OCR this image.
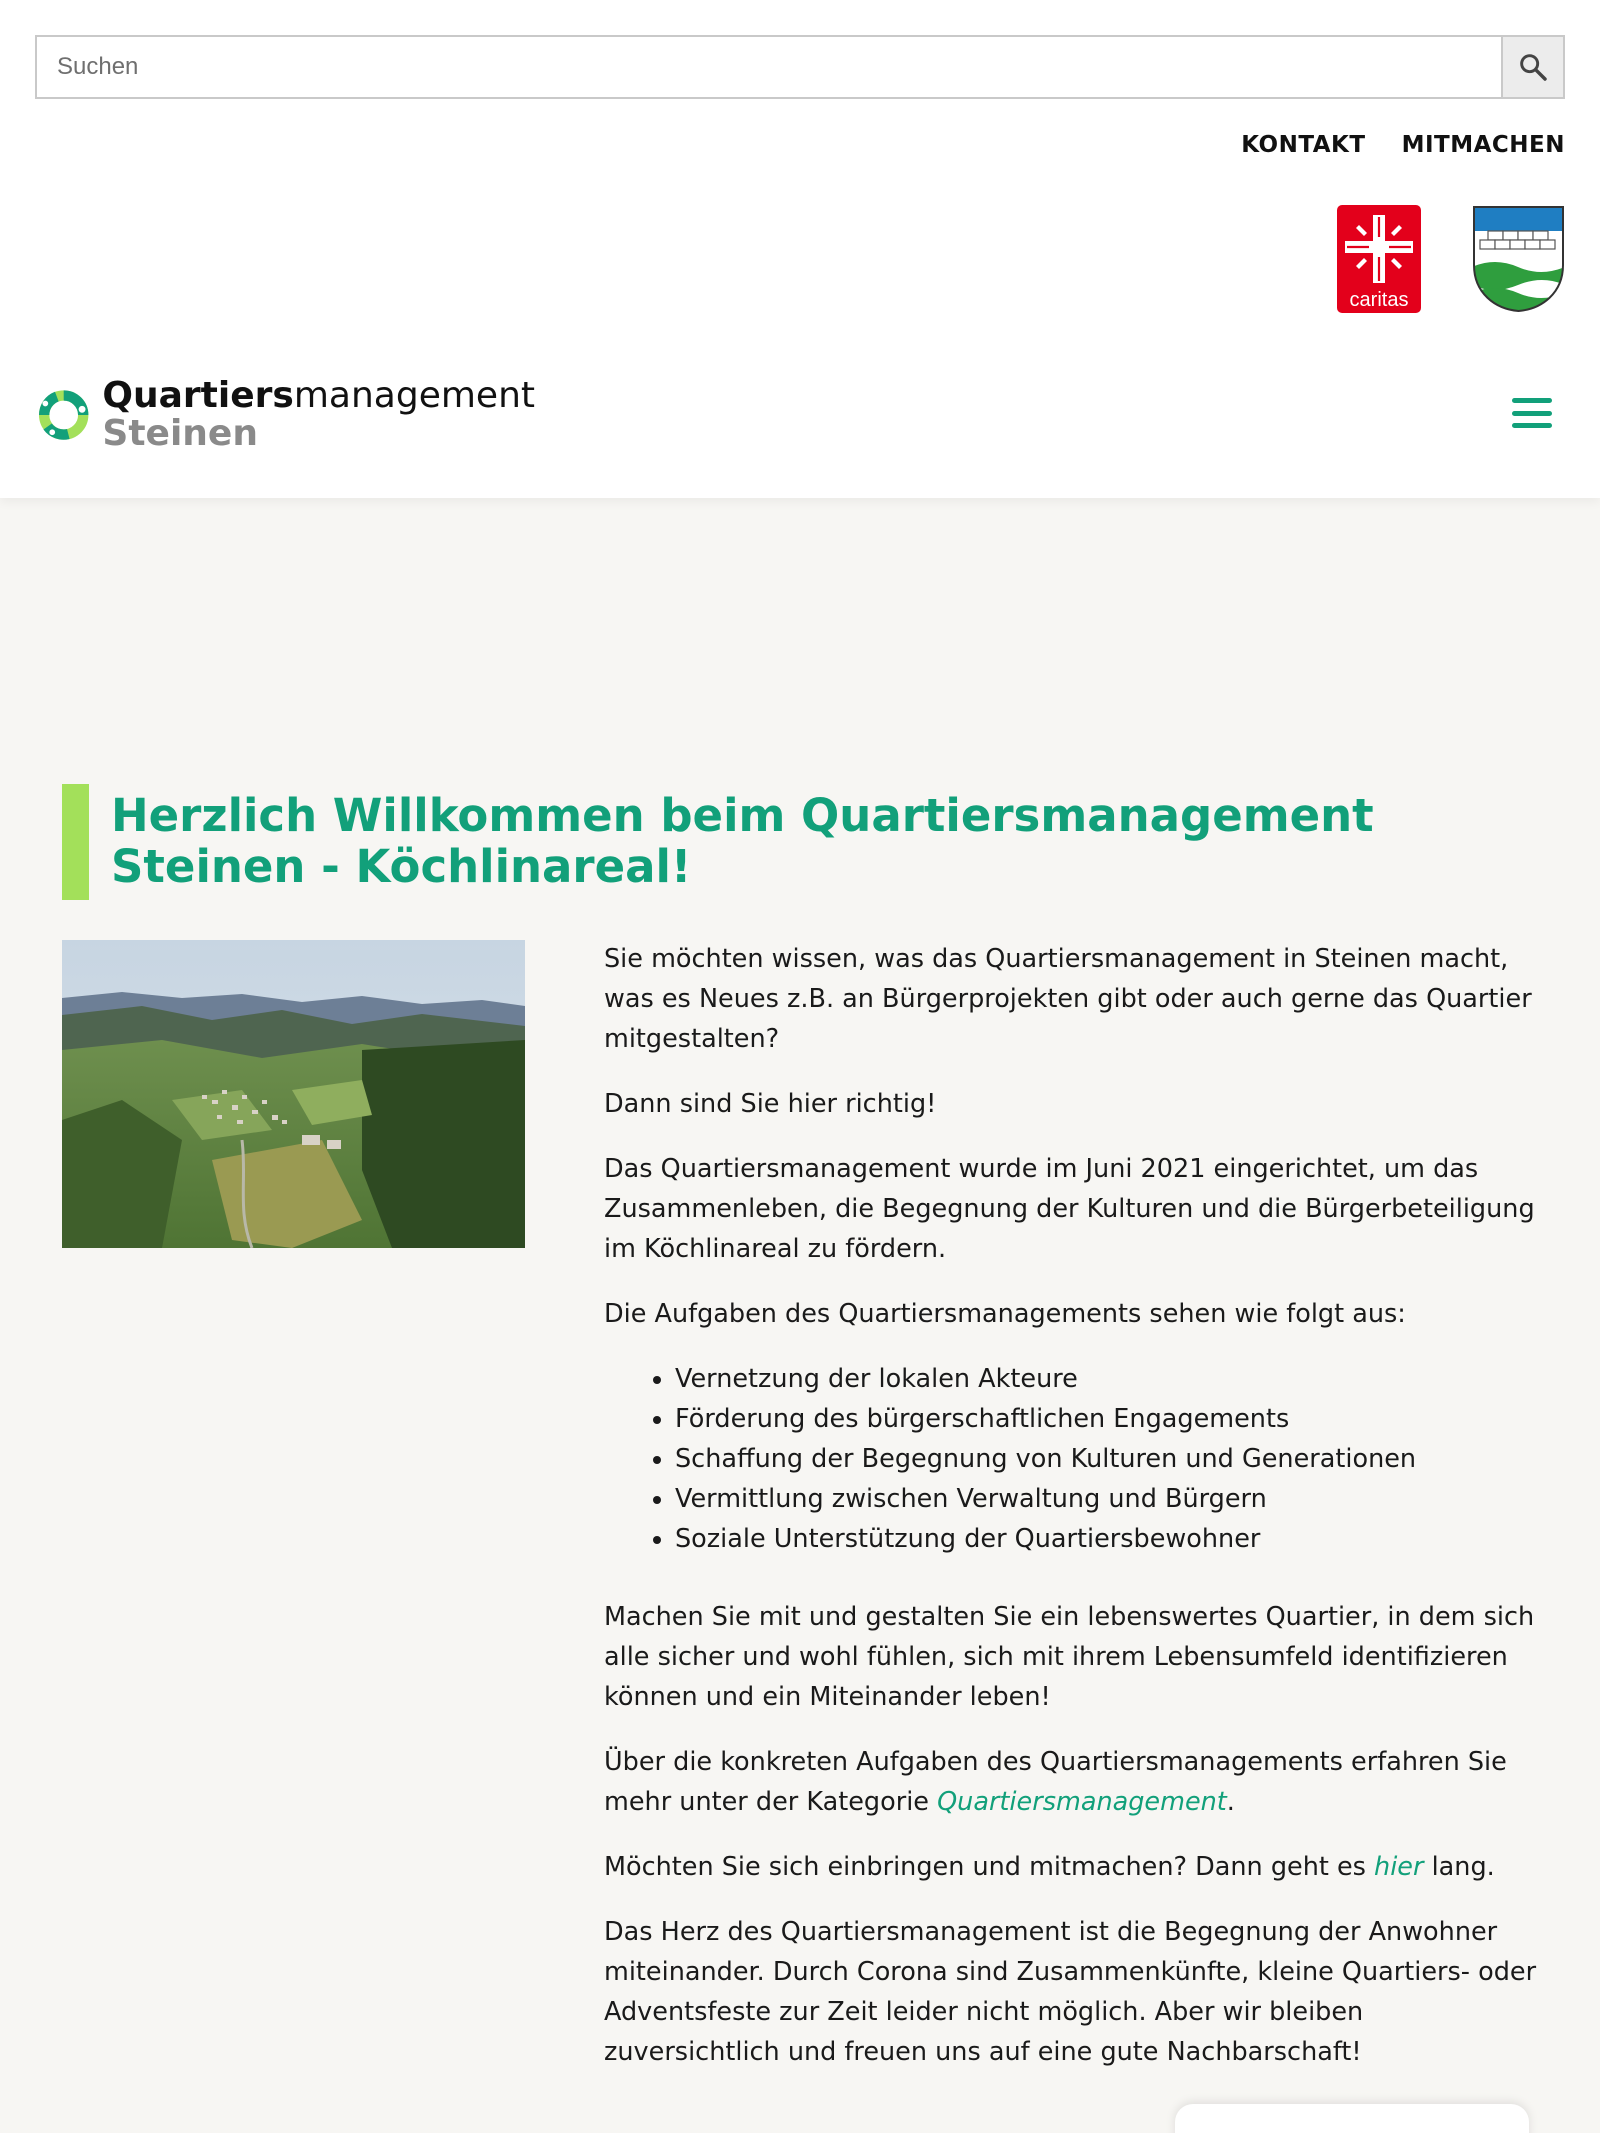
Suchen
KONTAKT MITMACHEN
caritas
Quartiersmanagement
Steinen
Herzlich Willkommen beim Quartiersmanagement Steinen - Köchlinareal!

Sie möchten wissen, was das Quartiersmanagement in Steinen macht, was es Neues z.B. an Bürgerprojekten gibt oder auch gerne das Quartier mitgestalten?

Dann sind Sie hier richtig!

Das Quartiersmanagement wurde im Juni 2021 eingerichtet, um das Zusammenleben, die Begegnung der Kulturen und die Bürgerbeteiligung im Köchlinareal zu fördern.

Die Aufgaben des Quartiersmanagements sehen wie folgt aus:

• Vernetzung der lokalen Akteure
• Förderung des bürgerschaftlichen Engagements
• Schaffung der Begegnung von Kulturen und Generationen
• Vermittlung zwischen Verwaltung und Bürgern
• Soziale Unterstützung der Quartiersbewohner

Machen Sie mit und gestalten Sie ein lebenswertes Quartier, in dem sich alle sicher und wohl fühlen, sich mit ihrem Lebensumfeld identifizieren können und ein Miteinander leben!

Über die konkreten Aufgaben des Quartiersmanagements erfahren Sie mehr unter der Kategorie Quartiersmanagement.

Möchten Sie sich einbringen und mitmachen? Dann geht es hier lang.

Das Herz des Quartiersmanagement ist die Begegnung der Anwohner miteinander. Durch Corona sind Zusammenkünfte, kleine Quartiers- oder Adventsfeste zur Zeit leider nicht möglich. Aber wir bleiben zuversichtlich und freuen uns auf eine gute Nachbarschaft!
